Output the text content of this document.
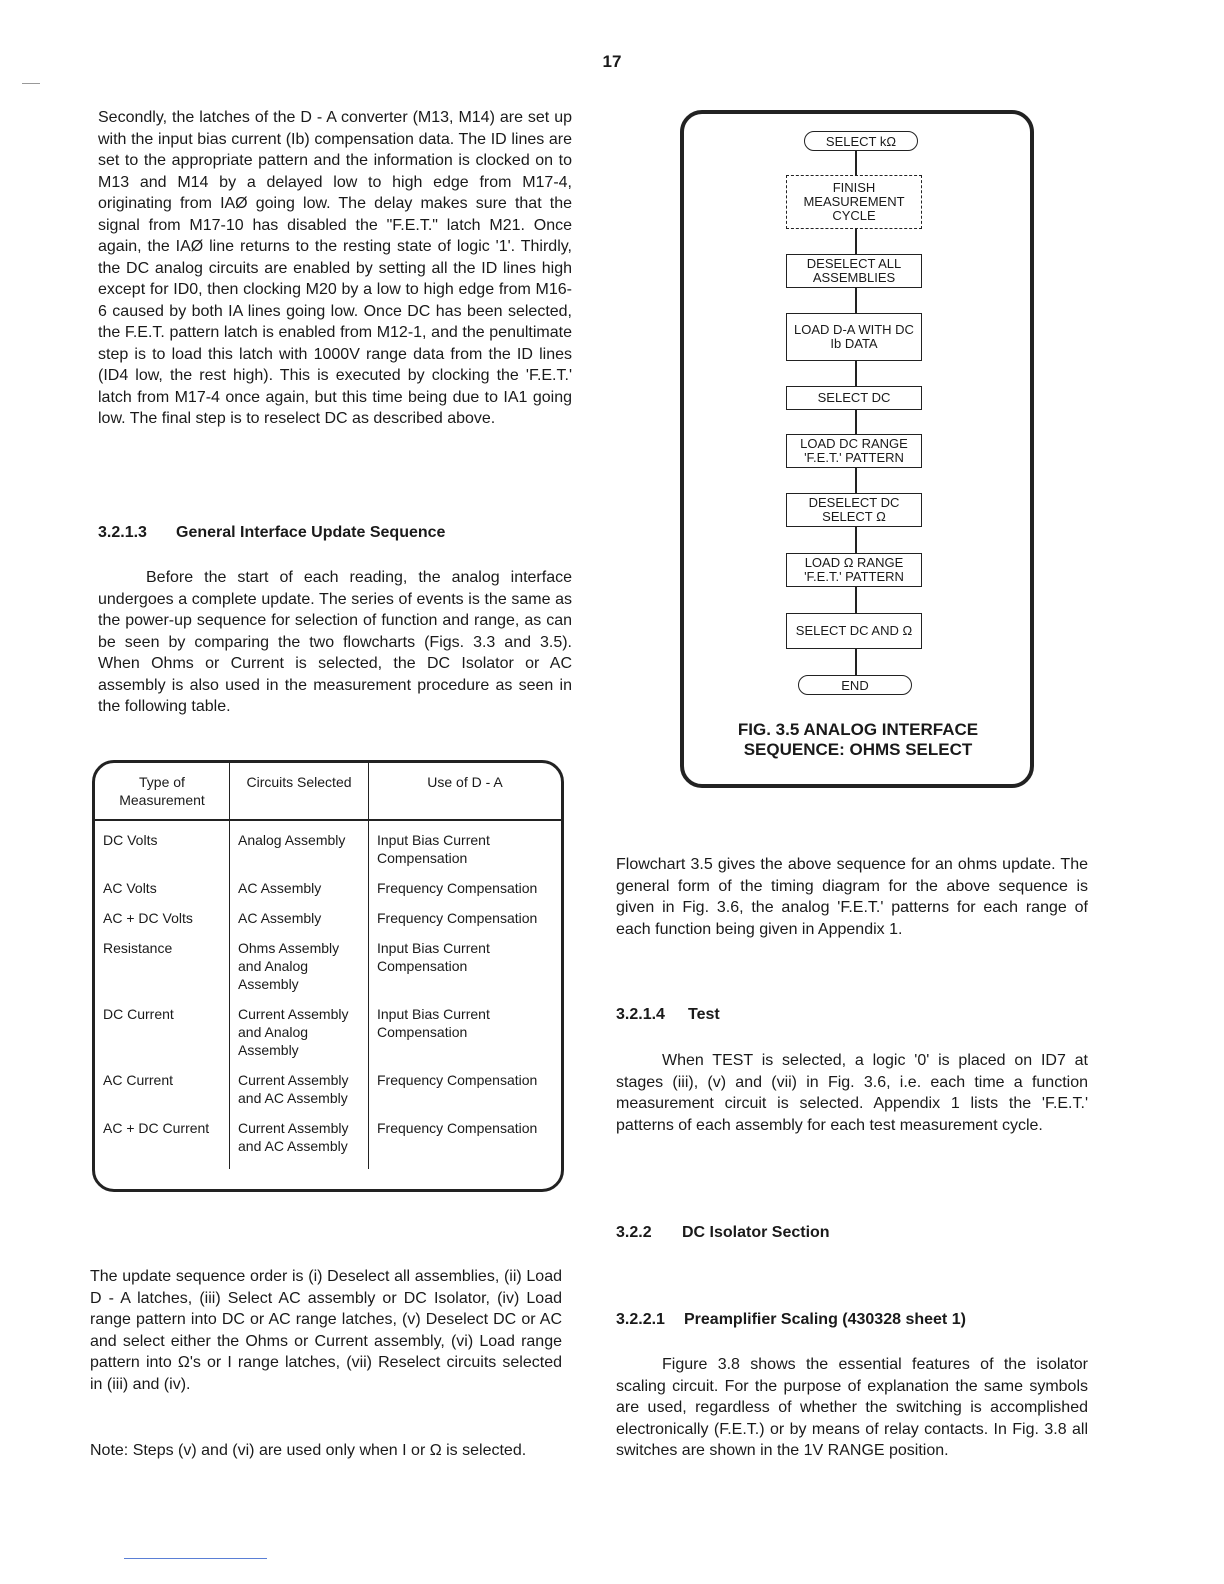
17

Secondly, the latches of the D - A converter (M13, M14) are set up with the input bias current (Ib) compensation data. The ID lines are set to the appropriate pattern and the information is clocked on to M13 and M14 by a delayed low to high edge from M17-4, originating from IAØ going low. The delay makes sure that the signal from M17-10 has disabled the "F.E.T." latch M21. Once again, the IAØ line returns to the resting state of logic '1'. Thirdly, the DC analog circuits are enabled by setting all the ID lines high except for ID0, then clocking M20 by a low to high edge from M16-6 caused by both IA lines going low. Once DC has been selected, the F.E.T. pattern latch is enabled from M12-1, and the penultimate step is to load this latch with 1000V range data from the ID lines (ID4 low, the rest high). This is executed by clocking the 'F.E.T.' latch from M17-4 once again, but this time being due to IA1 going low. The final step is to reselect DC as described above.

3.2.1.3 General Interface Update Sequence

Before the start of each reading, the analog interface undergoes a complete update. The series of events is the same as the power-up sequence for selection of function and range, as can be seen by comparing the two flowcharts (Figs. 3.3 and 3.5). When Ohms or Current is selected, the DC Isolator or AC assembly is also used in the measurement procedure as seen in the following table.

Type of Measurement	Circuits Selected	Use of D - A
DC Volts	Analog Assembly	Input Bias Current Compensation
AC Volts	AC Assembly	Frequency Compensation
AC + DC Volts	AC Assembly	Frequency Compensation
Resistance	Ohms Assembly and Analog Assembly	Input Bias Current Compensation
DC Current	Current Assembly and Analog Assembly	Input Bias Current Compensation
AC Current	Current Assembly and AC Assembly	Frequency Compensation
AC + DC Current	Current Assembly and AC Assembly	Frequency Compensation

The update sequence order is (i) Deselect all assemblies, (ii) Load D - A latches, (iii) Select AC assembly or DC Isolator, (iv) Load range pattern into DC or AC range latches, (v) Deselect DC or AC and select either the Ohms or Current assembly, (vi) Load range pattern into Ω's or I range latches, (vii) Reselect circuits selected in (iii) and (iv).

Note: Steps (v) and (vi) are used only when I or Ω is selected.

SELECT kΩ
FINISH MEASUREMENT CYCLE
DESELECT ALL ASSEMBLIES
LOAD D-A WITH DC Ib DATA
SELECT DC
LOAD DC RANGE 'F.E.T.' PATTERN
DESELECT DC SELECT Ω
LOAD Ω RANGE 'F.E.T.' PATTERN
SELECT DC AND Ω
END
FIG. 3.5 ANALOG INTERFACE
SEQUENCE: OHMS SELECT

Flowchart 3.5 gives the above sequence for an ohms update. The general form of the timing diagram for the above sequence is given in Fig. 3.6, the analog 'F.E.T.' patterns for each range of each function being given in Appendix 1.

3.2.1.4 Test

When TEST is selected, a logic '0' is placed on ID7 at stages (iii), (v) and (vii) in Fig. 3.6, i.e. each time a function measurement circuit is selected. Appendix 1 lists the 'F.E.T.' patterns of each assembly for each test measurement cycle.

3.2.2 DC Isolator Section

3.2.2.1 Preamplifier Scaling (430328 sheet 1)

Figure 3.8 shows the essential features of the isolator scaling circuit. For the purpose of explanation the same symbols are used, regardless of whether the switching is accomplished electronically (F.E.T.) or by means of relay contacts. In Fig. 3.8 all switches are shown in the 1V RANGE position.
